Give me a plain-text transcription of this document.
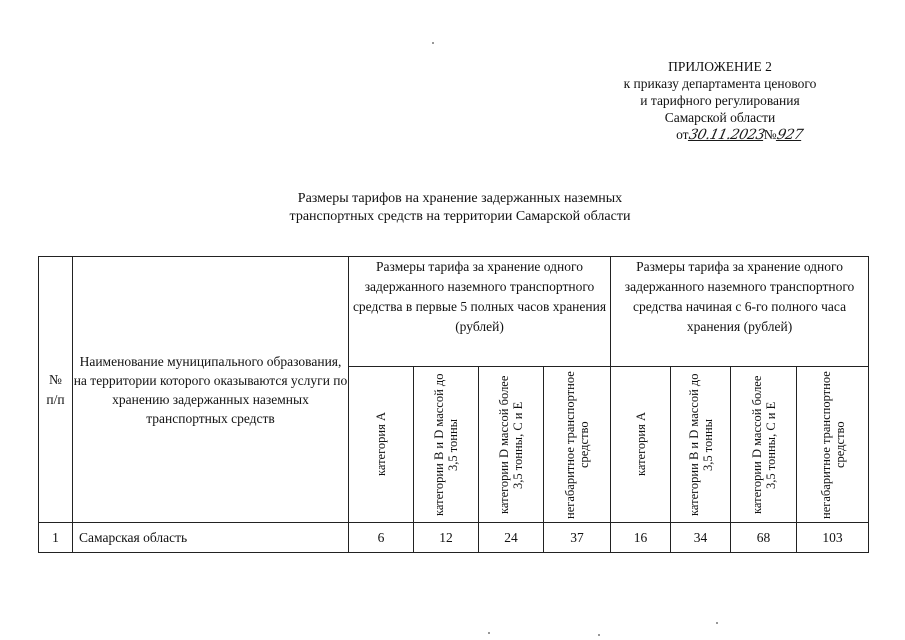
ПРИЛОЖЕНИЕ 2
к приказу департамента ценового
и тарифного регулирования
Самарской области
от30.11.2023№927
Размеры тарифов на хранение задержанных наземных
транспортных средств на территории Самарской области
№ п/п	Наименование муниципального образования, на территории которого оказываются услуги по хранению задержанных наземных транспортных средств	Размеры тарифа за хранение одного задержанного наземного транспортного средства в первые 5 полных часов хранения (рублей)				Размеры тарифа за хранение одного задержанного наземного транспортного средства начиная с 6-го полного часа хранения (рублей)			

		категория А	категории В и D массой до 3,5 тонны	категории D массой более 3,5 тонны, С и Е	негабаритное транспортное средство	категория А	категории В и D массой до 3,5 тонны	категории D массой более 3,5 тонны, С и Е	негабаритное транспортное средство

1	Самарская область	6	12	24	37	16	34	68	103
